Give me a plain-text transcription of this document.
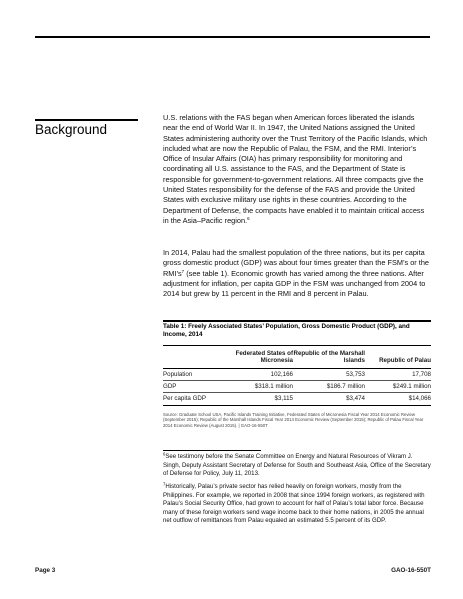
Background
U.S. relations with the FAS began when American forces liberated the islands near the end of World War II. In 1947, the United Nations assigned the United States administering authority over the Trust Territory of the Pacific Islands, which included what are now the Republic of Palau, the FSM, and the RMI. Interior’s Office of Insular Affairs (OIA) has primary responsibility for monitoring and coordinating all U.S. assistance to the FAS, and the Department of State is responsible for government-to-government relations. All three compacts give the United States responsibility for the defense of the FAS and provide the United States with exclusive military use rights in these countries. According to the Department of Defense, the compacts have enabled it to maintain critical access in the Asia–Pacific region.$^6$
In 2014, Palau had the smallest population of the three nations, but its per capita gross domestic product (GDP) was about four times greater than the FSM’s or the $RMI’s^7$ (see table 1). Economic growth has varied among the three nations. After adjustment for inflation, per capita GDP in the FSM was unchanged from 2004 to 2014 but grew by 11 percent in the RMI and 8 percent in Palau.
Table 1: Freely Associated States’ Population, Gross Domestic Product (GDP), and Income, 2014
	Federated States of Micronesia	Republic of the Marshall Islands	Republic of Palau
Population	102,166	53,753	17,708
GDP	$318.1 million	$186.7 million	$249.1 million
Per capita GDP	$3,115	$3,474	$14,066
Source: Graduate School USA, Pacific Islands Training Initiative, Federated States of Micronesia Fiscal Year 2014 Economic Review (September 2015); Republic of the Marshall Islands Fiscal Year 2014 Economic Review (September 2015); Republic of Palau Fiscal Year 2014 Economic Review (August 2015). | GAO-16-550T
$^6$See testimony before the Senate Committee on Energy and Natural Resources of Vikram J. Singh, Deputy Assistant Secretary of Defense for South and Southeast Asia, Office of the Secretary of Defense for Policy, July 11, 2013.
$^7$Historically, Palau’s private sector has relied heavily on foreign workers, mostly from the Philippines. For example, we reported in 2008 that since 1994 foreign workers, as registered with Palau’s Social Security Office, had grown to account for half of Palau’s total labor force. Because many of these foreign workers send wage income back to their home nations, in 2005 the annual net outflow of remittances from Palau equaled an estimated 5.5 percent of its GDP.
Page 3	GAO-16-550T
